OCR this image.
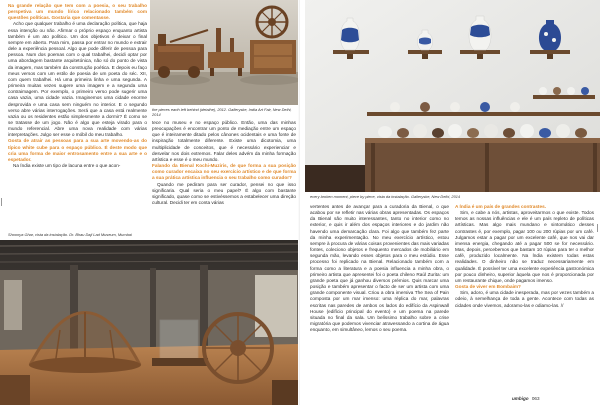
Na grande relação que tem com a poesia, o seu trabalho perspetiva um mundo lírico relacionado também com questões políticas. Gostaria que comentasse.

Acho que qualquer trabalho é uma declaração política, que haja essa intenção ou não. Afirmar o próprio espaço enquanto artista também é um ato político. Um dos objetivos é deixar o final sempre em aberto. Para mim, passa por entrar no mundo e extrair dele a experiência pessoal. Algo que pode diferir de pessoa para pessoa. Num dos poemas com o qual trabalhei, decidi optar por uma abordagem bastante arquitetónica, não só do ponto de vista da imagem, mas também da construção poética. E depois eu faço meus versos com um estilo de poesia de um poeta do séc. XII, com quem trabalhei. Há uma primeira linha e uma segunda. A primeira muitas vezes sugere uma imagem e a segunda uma contraimagem. Por exemplo, o primeiro verso pode sugerir uma casa vazia, uma cidade vazia. Imaginemos uma cidade enorme desprovida e uma casa sem ninguém no interior. E o segundo verso abre várias interrogações. Será que a casa está realmente vazia ou os residentes estão simplesmente a dormir? É como se se tratasse de um jogo. Não é algo que esteja virado para o mundo referencial. Abre uma nova realidade com várias interpretações. Julgo ser esse o móbil do meu trabalho.

Gosta de atrair as pessoas para a sua arte movendo-as do típico white cube para o espaço público. É deste modo que cria uma forma de maior entrosamento entre a sua arte e o espetador.

Na Índia existe um tipo de lacuna entre o que acon-

the pieces earth left behind (detalhe), 2012. Galleryske, India Art Fair, New Delhi, 2014

tece no museu e no espaço público. Então, uma das minhas preocupações é encontrar um ponto de mediação entre um espaço que é inteiramente ditado pelos cânones ocidentais e uma fonte de inspiração totalmente diferente. Existe uma dicotomia, uma multiplicidade de conceitos, que é necessário experienciar e desvelar nos dois extremos. Falar deles advém da minha formação artística e esse é o meu mundo.

Falando da Bienal Kochi-Muziris, de que forma a sua posição como curador encaixa no seu exercício artístico e de que forma a sua prática artística influencia o seu trabalho como curador?

Quando me pediram para ser curador, pensei no que isso significaria. Qual seria o meu papel? É algo com bastante significado, quase como se estivéssemos a estabelecer uma direção cultural. Decidi ter em conta várias

Shoonya Ghar, vista da instalação. Dr. Bhau Daji Lad Museum, Mumbai
every broken moment, piece by piece, vista da instalação. Galleryske, New Delhi, 2014

vertentes antes de avançar para a curadoria da Bienal, o que acabou por se refletir nas várias obras apresentadas. Os espaços da Bienal são muito interessantes, tanto no interior como no exterior, e quis ir além dos espaços interiores e do jardim não havendo uma demarcação clara. Foi algo que também fez parte da minha experimentação. No meu exercício artístico, estou sempre à procura de várias coisas provenientes das mais variadas fontes, coleciono objetos e frequento mercados de mobiliário em segunda mão, levando esses objetos para o meu estúdio. Esse processo foi replicado na Bienal. Relacionado também com a forma como a literatura e a poesia influencia a minha obra, o primeiro artista que apresentei foi o poeta chileno Raúl Zurita: um grande poeta que já ganhou diversos prémios. Quis marcar uma posição e também apresentar o facto de ser um artista com uma grande componente visual. Criou a obra imersiva The Sea of Pain composta por um mar imenso: uma réplica do mar, palavras escritas nas paredes de ambos os lados do edifício da Aspinwall House (edifício principal do evento) e um poema na parede situada no final da sala. Um belíssimo trabalho sobre a crise migratória que podemos vivenciar atravessando a cortina de água enquanto, em simultâneo, lemos o seu poema.

A Índia é um país de grandes contrastes.

Sim, e cabe a nós, artistas, aproveitarmos o que existe. Todos temos as nossas influências e ele é um país repleto de políticas artísticas. Mas algo mais mundano e sintomático desses contrastes é, por exemplo, pagar 100 ou 200 rúpias por um café. Julgamos estar a pagar por um excelente café, que nos vai dar imensa energia, chegando até a pagar 500 se for necessário. Mas, depois, percebemos que bastam 10 rúpias para ter o melhor café, produzido localmente. Na Índia existem todas estas realidades. O dinheiro não se traduz necessariamente em qualidade. É possível ter uma excelente experiência gastronómica por pouco dinheiro, superior àquela que nos é proporcionada por um restaurante chique, onde pagamos imenso.

Gosta de viver em Bombaim?

Sim, adoro, é uma cidade inesperada, mas por vezes também a odeio, à semelhança de toda a gente. Acontece com todas as cidades onde vivemos, adoramo-las e odiamo-las. //

umbigo 063
